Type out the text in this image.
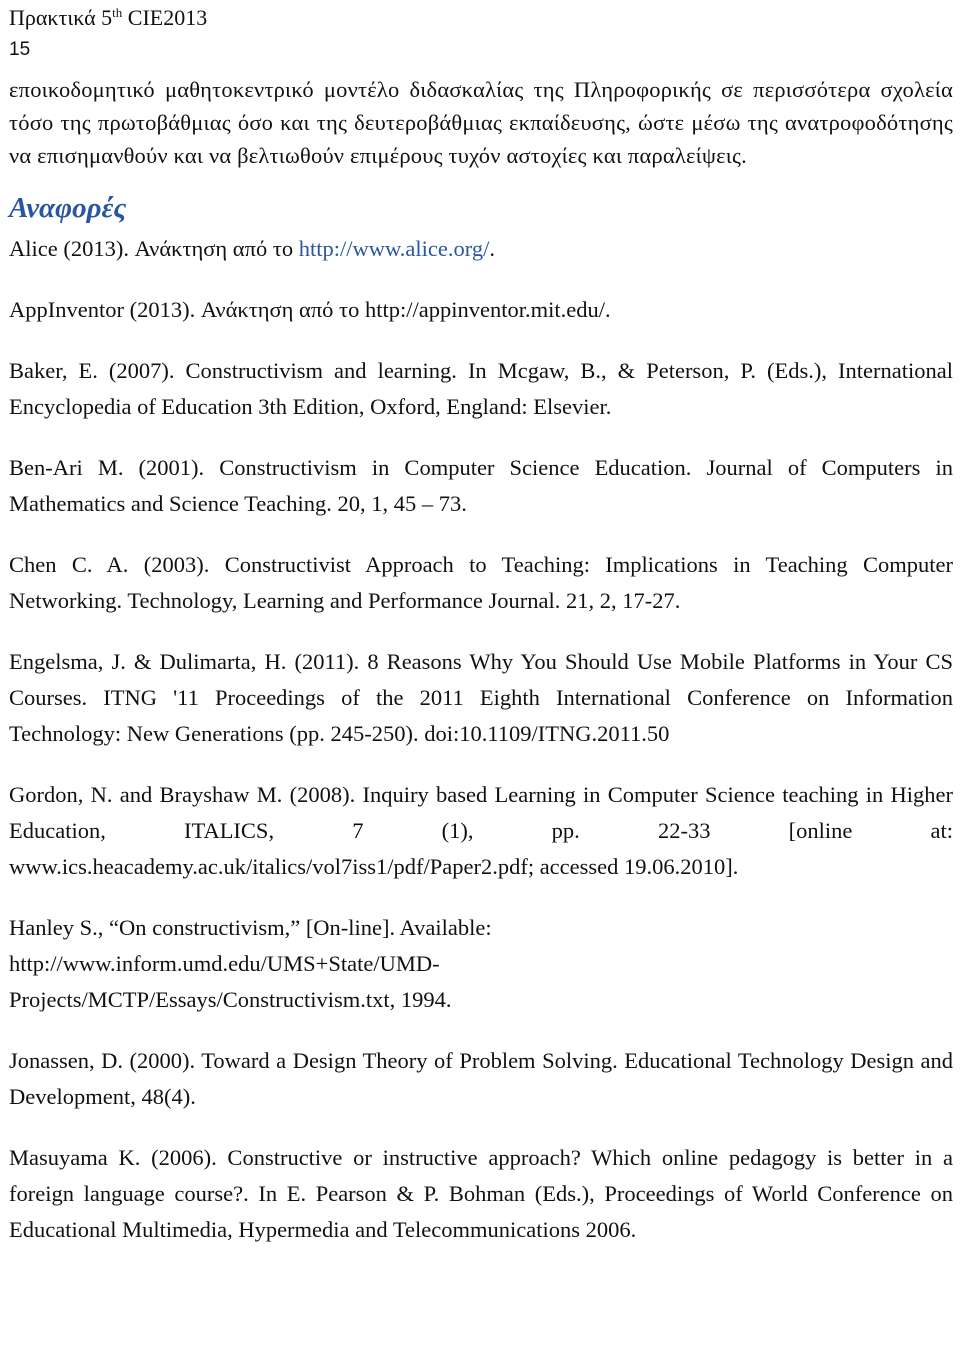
Πρακτικά 5th CIE2013
15

εποικοδομητικό μαθητοκεντρικό μοντέλο διδασκαλίας της Πληροφορικής σε περισσότερα σχολεία τόσο της πρωτοβάθμιας όσο και της δευτεροβάθμιας εκπαίδευσης, ώστε μέσω της ανατροφοδότησης να επισημανθούν και να βελτιωθούν επιμέρους τυχόν αστοχίες και παραλείψεις.

Αναφορές

Alice (2013). Ανάκτηση από το http://www.alice.org/.

AppInventor (2013). Ανάκτηση από το http://appinventor.mit.edu/.

Baker, E. (2007). Constructivism and learning. In Mcgaw, B., & Peterson, P. (Eds.), International Encyclopedia of Education 3th Edition, Oxford, England: Elsevier.

Ben-Ari M. (2001). Constructivism in Computer Science Education. Journal of Computers in Mathematics and Science Teaching. 20, 1, 45 – 73.

Chen C. A. (2003). Constructivist Approach to Teaching: Implications in Teaching Computer Networking. Technology, Learning and Performance Journal. 21, 2, 17-27.

Engelsma, J. & Dulimarta, H. (2011). 8 Reasons Why You Should Use Mobile Platforms in Your CS Courses. ITNG '11 Proceedings of the 2011 Eighth International Conference on Information Technology: New Generations (pp. 245-250). doi:10.1109/ITNG.2011.50

Gordon, N. and Brayshaw M. (2008). Inquiry based Learning in Computer Science teaching in Higher Education, ITALICS, 7 (1), pp. 22-33 [online at: www.ics.heacademy.ac.uk/italics/vol7iss1/pdf/Paper2.pdf; accessed 19.06.2010].

Hanley S., “On constructivism,” [On-line]. Available:
http://www.inform.umd.edu/UMS+State/UMD-
Projects/MCTP/Essays/Constructivism.txt, 1994.

Jonassen, D. (2000). Toward a Design Theory of Problem Solving. Educational Technology Design and Development, 48(4).

Masuyama K. (2006). Constructive or instructive approach? Which online pedagogy is better in a foreign language course?. In E. Pearson & P. Bohman (Eds.), Proceedings of World Conference on Educational Multimedia, Hypermedia and Telecommunications 2006.
